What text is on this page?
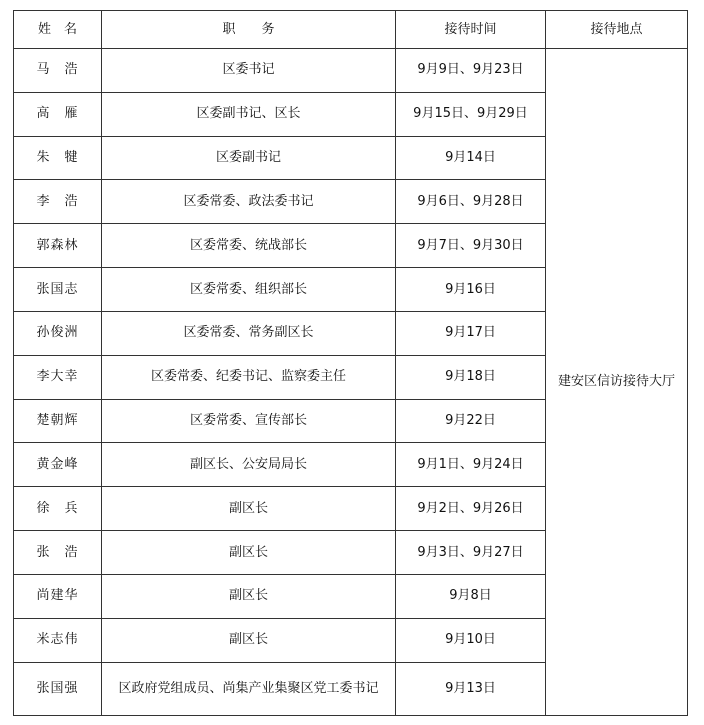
姓　名	职　　务	接待时间	接待地点
马　浩	区委书记	9月9日、9月23日	建安区信访接待大厅
高　雁	区委副书记、区长	9月15日、9月29日	
朱　犍	区委副书记	9月14日	
李　浩	区委常委、政法委书记	9月6日、9月28日	
郭森林	区委常委、统战部长	9月7日、9月30日	
张国志	区委常委、组织部长	9月16日	
孙俊洲	区委常委、常务副区长	9月17日	
李大幸	区委常委、纪委书记、监察委主任	9月18日	
楚朝辉	区委常委、宣传部长	9月22日	
黄金峰	副区长、公安局局长	9月1日、9月24日	
徐　兵	副区长	9月2日、9月26日	
张　浩	副区长	9月3日、9月27日	
尚建华	副区长	9月8日	
米志伟	副区长	9月10日	
张国强	区政府党组成员、尚集产业集聚区党工委书记	9月13日	
